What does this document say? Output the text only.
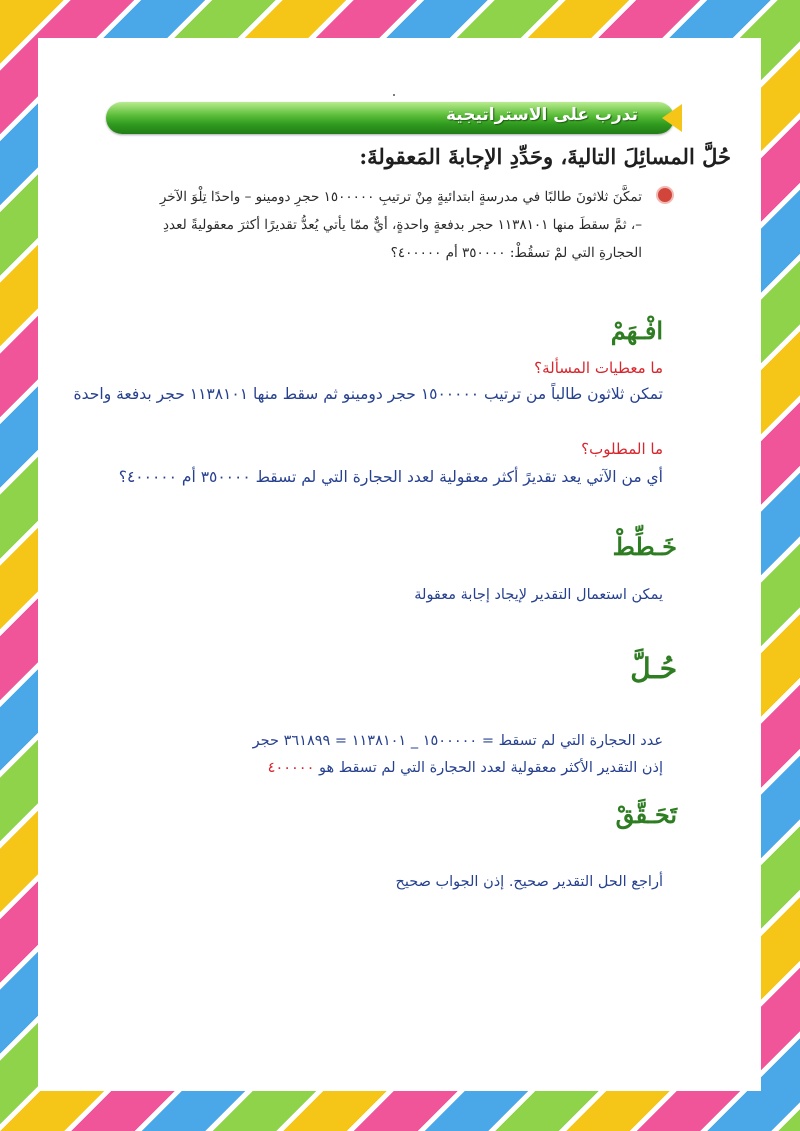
تدرب على الاستراتيجية
حُلَّ المسائِلَ التاليةَ، وحَدِّدِ الإجابةَ المَعقولةَ:
تمكَّنَ ثلاثونَ طالبًا في مدرسةٍ ابتدائيةٍ مِنْ ترتيبِ ١٥٠٠٠٠٠ حجرِ دومينو – واحدًا تِلْوَ الآخرِ –، ثمَّ سقطَ منها ١١٣٨١٠١ حجر بدفعةٍ واحدةٍ، أيٌّ ممّا يأتي يُعدُّ تقديرًا أكثرَ معقوليةً لعددِ الحجارةِ التي لمْ تسقُطْ: ٣٥٠٠٠٠ أم ٤٠٠٠٠٠؟
افْـهَمْ
ما معطيات المسألة؟
تمكن ثلاثون طالباً من ترتيب ١٥٠٠٠٠٠ حجر دومينو ثم سقط منها ١١٣٨١٠١ حجر بدفعة واحدة
ما المطلوب؟
أي من الآتي يعد تقديرً أكثر معقولية لعدد الحجارة التي لم تسقط ٣٥٠٠٠٠ أم ٤٠٠٠٠٠؟
خَـطِّطْ
يمكن استعمال التقدير لإيجاد إجابة معقولة
حُـلَّ
عدد الحجارة التي لم تسقط = ١٥٠٠٠٠٠ _ ١١٣٨١٠١ = ٣٦١٨٩٩ حجر
إذن التقدير الأكثر معقولية لعدد الحجارة التي لم تسقط هو ٤٠٠٠٠٠
تَحَـقَّقْ
أراجع الحل التقدير صحيح. إذن الجواب صحيح
